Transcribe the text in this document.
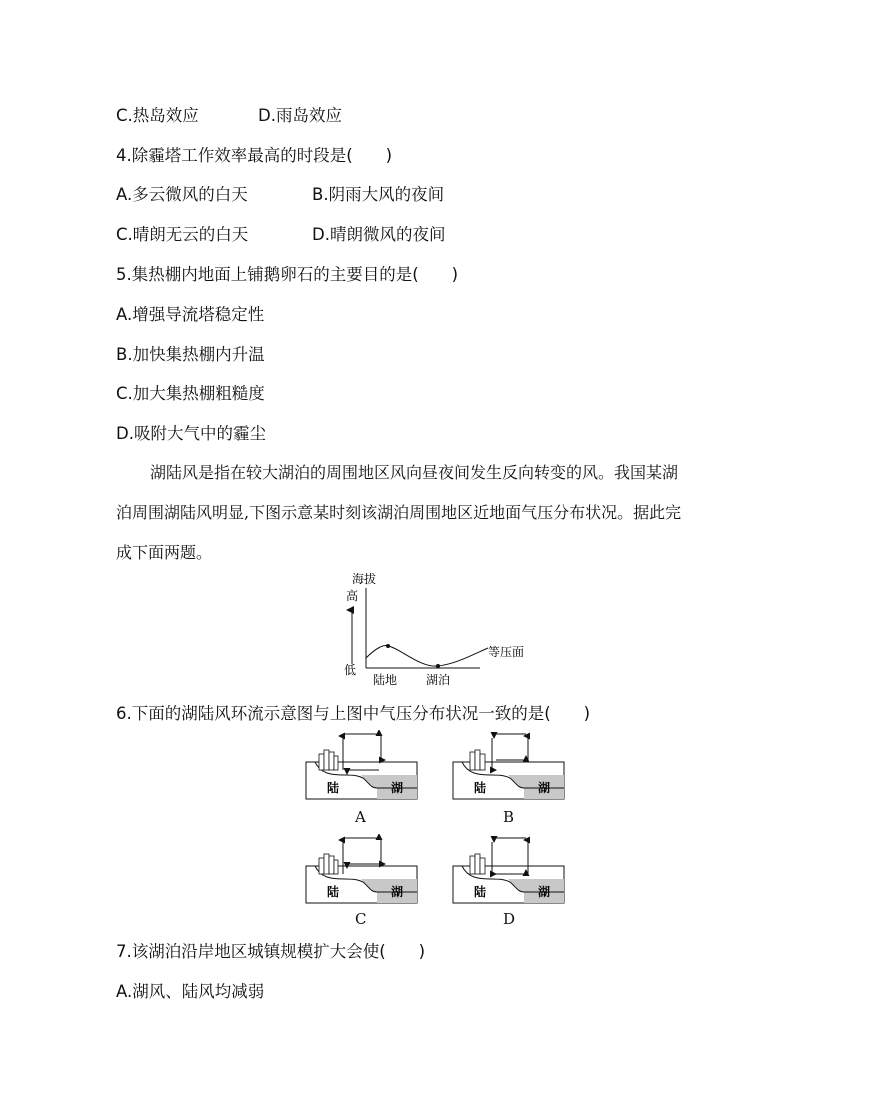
C.热岛效应	D.雨岛效应
4.除霾塔工作效率最高的时段是(　　)
A.多云微风的白天	B.阴雨大风的夜间
C.晴朗无云的白天	D.晴朗微风的夜间
5.集热棚内地面上铺鹅卵石的主要目的是(　　)
A.增强导流塔稳定性
B.加快集热棚内升温
C.加大集热棚粗糙度
D.吸附大气中的霾尘
湖陆风是指在较大湖泊的周围地区风向昼夜间发生反向转变的风。我国某湖
泊周围湖陆风明显,下图示意某时刻该湖泊周围地区近地面气压分布状况。据此完
成下面两题。
海拔
高
低
等压面
陆地 湖泊
6.下面的湖陆风环流示意图与上图中气压分布状况一致的是(　　)
陆	湖
A
陆	湖
B
陆	湖
C
陆	湖
D
7.该湖泊沿岸地区城镇规模扩大会使(　　)
A.湖风、陆风均减弱
